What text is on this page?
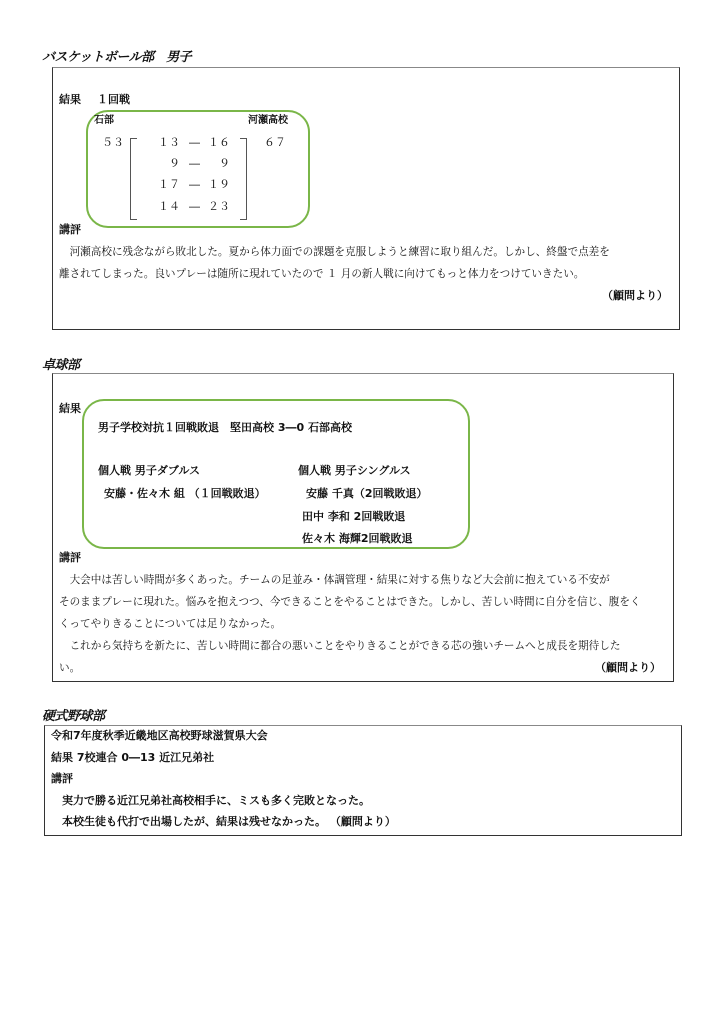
バスケットボール部　男子
結果 １回戦
石部	河瀬高校
５３	６７
１３ ― １６
９ ―	９
１７ ― １９
１４ ― ２３
講評
　河瀬高校に残念ながら敗北した。夏から体力面での課題を克服しようと練習に取り組んだ。しかし、終盤で点差を
離されてしまった。良いプレーは随所に現れていたので １ 月の新人戦に向けてもっと体力をつけていきたい。
（顧問より）
卓球部
結果
男子学校対抗１回戦敗退　堅田高校 3―0 石部高校
個人戦 男子ダブルス
安藤・佐々木 組 （１回戦敗退）
個人戦 男子シングルス
安藤 千真（2回戦敗退）
田中 李和 2回戦敗退
佐々木 海輝2回戦敗退
講評
　大会中は苦しい時間が多くあった。チームの足並み・体調管理・結果に対する焦りなど大会前に抱えている不安が
そのままプレーに現れた。悩みを抱えつつ、今できることをやることはできた。しかし、苦しい時間に自分を信じ、腹をく
くってやりきることについては足りなかった。
　これから気持ちを新たに、苦しい時間に都合の悪いことをやりきることができる芯の強いチームへと成長を期待した
い。	（顧問より）
硬式野球部
令和7年度秋季近畿地区高校野球滋賀県大会
結果 7校連合 0―13 近江兄弟社
講評
　実力で勝る近江兄弟社高校相手に、ミスも多く完敗となった。
　本校生徒も代打で出場したが、結果は残せなかった。 （顧問より）
